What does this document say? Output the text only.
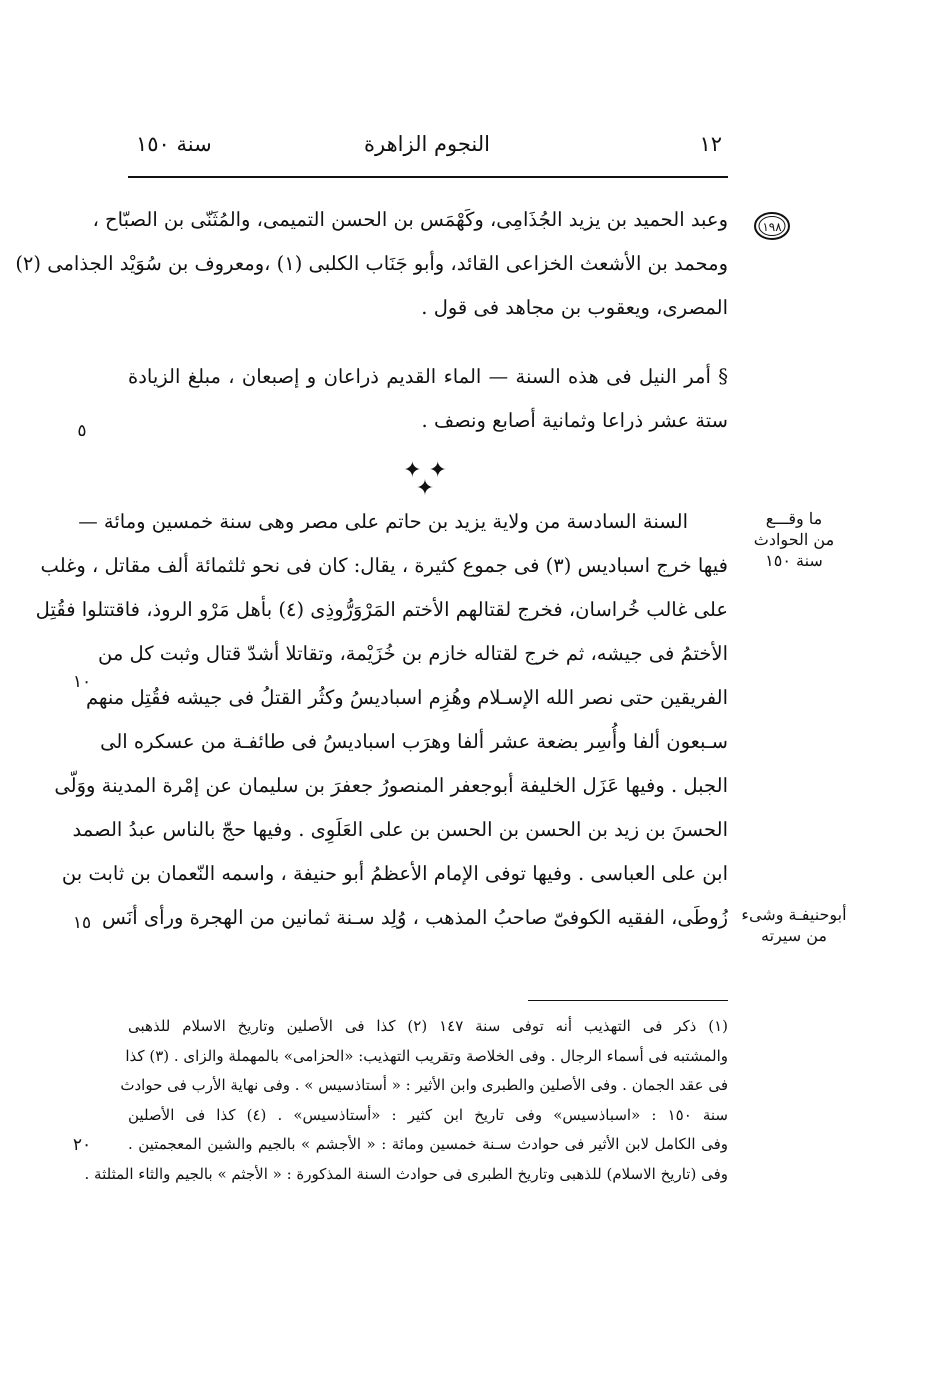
١٢
النجوم الزاهرة
سنة ١٥٠
١٩٨
وعبد الحميد بن يزيد الجُذَامِى، وكَهْمَس بن الحسن التميمى، والمُثَنّى بن الصبّاح ،
ومحمد بن الأشعث الخزاعى القائد، وأبو جَنَاب الكلبى (١) ،ومعروف بن سُوَيْد الجذامى (٢)
المصرى، ويعقوب بن مجاهد فى قول .
§ أمر النيل فى هذه السنة — الماء القديم ذراعان و إصبعان ، مبلغ الزيادة
ستة عشر ذراعا وثمانية أصابع ونصف .
✦ ✦ ✦
السنة السادسة من ولاية يزيد بن حاتم على مصر وهى سنة خمسين ومائة —
فيها خرج اسباديس (٣) فى جموع كثيرة ، يقال: كان فى نحو ثلثمائة ألف مقاتل ، وغلب
على غالب خُراسان، فخرج لقتالهم الأختم المَرْوَرُّوذِى (٤) بأهل مَرْو الروذ، فاقتتلوا فقُتِل
الأختمُ فى جيشه، ثم خرج لقتاله خازم بن خُزَيْمة، وتقاتلا أشدّ قتال وثبت كل من
الفريقين حتى نصر الله الإسـلام وهُزِم اسباديسُ وكثُر القتلُ فى جيشه فقُتِل منهم
سـبعون ألفا وأُسِر بضعة عشر ألفا وهرَب اسباديسُ فى طائفـة من عسكره الى
الجبل . وفيها عَزَل الخليفة أبوجعفر المنصورُ جعفرَ بن سليمان عن إمْرة المدينة ووَلّى
الحسنَ بن زيد بن الحسن بن الحسن بن على العَلَوِى . وفيها حجّ بالناس عبدُ الصمد
ابن على العباسى . وفيها توفى الإمام الأعظمُ أبو حنيفة ، واسمه النّعمان بن ثابت بن
زُوطَى، الفقيه الكوفىّ صاحبُ المذهب ، وُلِد سـنة ثمانين من الهجرة ورأى أنَس
ما وقـــع
من الحوادث
سنة ١٥٠
أبوحنيفـة وشىء
من سيرته
٥
١٠
١٥
٢٠
(١) ذكر فى التهذيب أنه توفى سنة ١٤٧ (٢) كذا فى الأصلين وتاريخ الاسلام للذهبى
والمشتبه فى أسماء الرجال . وفى الخلاصة وتقريب التهذيب: «الحزامى» بالمهملة والزاى . (٣) كذا
فى عقد الجمان . وفى الأصلين والطبرى وابن الأثير : « أستاذسيس » . وفى نهاية الأرب فى حوادث
سنة ١٥٠ : «اسباذسيس» وفى تاريخ ابن كثير : «أستاذسيس» . (٤) كذا فى الأصلين
وفى الكامل لابن الأثير فى حوادث سـنة خمسين ومائة : « الأجشم » بالجيم والشين المعجمتين .
وفى (تاريخ الاسلام) للذهبى وتاريخ الطبرى فى حوادث السنة المذكورة : « الأجثم » بالجيم والثاء المثلثة .
